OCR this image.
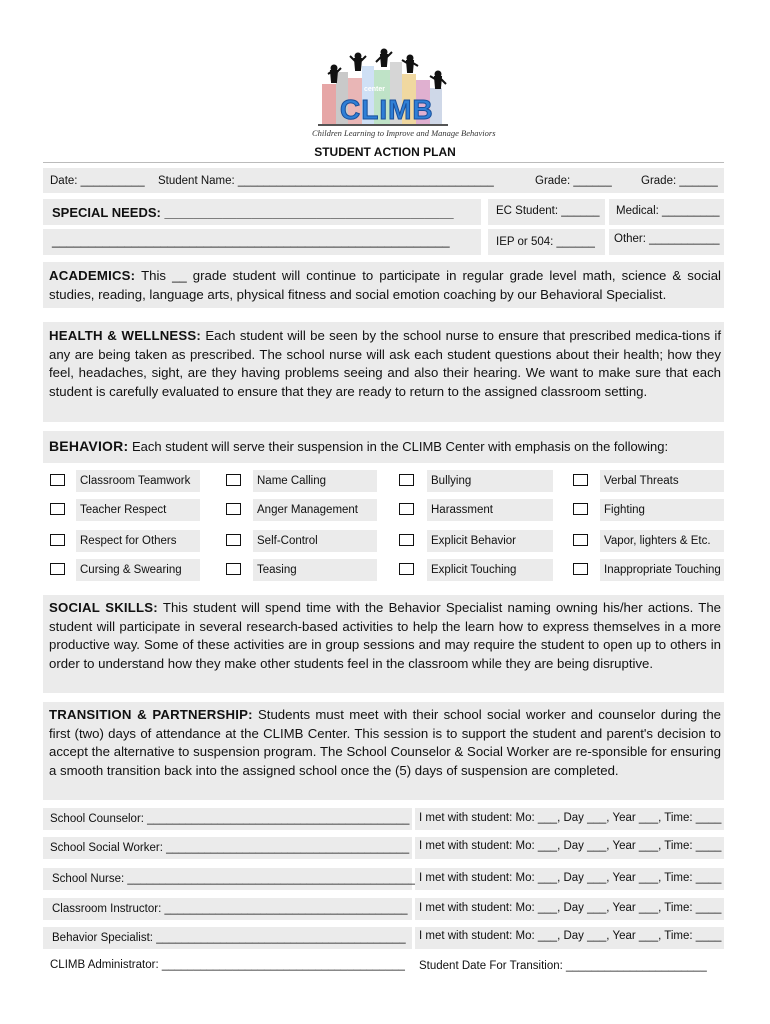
center
CLIMB
Children Learning to Improve and Manage Behaviors
STUDENT ACTION PLAN
Date: __________ Student Name: ________________________________________	Grade: ______	Grade: ______
SPECIAL NEEDS: ________________________________________	EC Student: ______ Medical: _________
_______________________________________________________	IEP or 504: ______ Other: ___________
ACADEMICS: This __ grade student will continue to participate in regular grade level math, science & social studies, reading, language arts, physical fitness and social emotion coaching by our Behavioral Specialist.
HEALTH & WELLNESS: Each student will be seen by the school nurse to ensure that prescribed medica-tions if any are being taken as prescribed. The school nurse will ask each student questions about their health; how they feel, headaches, sight, are they having problems seeing and also their hearing. We want to make sure that each student is carefully evaluated to ensure that they are ready to return to the assigned classroom setting.
BEHAVIOR: Each student will serve their suspension in the CLIMB Center with emphasis on the following:
Classroom Teamwork	Name Calling	Bullying	Verbal Threats
Teacher Respect	Anger Management	Harassment	Fighting
Respect for Others	Self-Control	Explicit Behavior	Vapor, lighters & Etc.
Cursing & Swearing	Teasing	Explicit Touching	Inappropriate Touching
SOCIAL SKILLS: This student will spend time with the Behavior Specialist naming owning his/her actions. The student will participate in several research-based activities to help the learn how to express themselves in a more productive way. Some of these activities are in group sessions and may require the student to open up to others in order to understand how they make other students feel in the classroom while they are being disruptive.
TRANSITION & PARTNERSHIP: Students must meet with their school social worker and counselor during the first (two) days of attendance at the CLIMB Center. This session is to support the student and parent's decision to accept the alternative to suspension program. The School Counselor & Social Worker are re-sponsible for ensuring a smooth transition back into the assigned school once the (5) days of suspension are completed.
School Counselor: _________________________________________ I met with student: Mo: ___, Day ___, Year ___, Time: ____
School Social Worker: ______________________________________ I met with student: Mo: ___, Day ___, Year ___, Time: ____
School Nurse: _____________________________________________ I met with student: Mo: ___, Day ___, Year ___, Time: ____
Classroom Instructor: ______________________________________ I met with student: Mo: ___, Day ___, Year ___, Time: ____
Behavior Specialist: _______________________________________ I met with student: Mo: ___, Day ___, Year ___, Time: ____
CLIMB Administrator: ______________________________________ Student Date For Transition: ______________________
